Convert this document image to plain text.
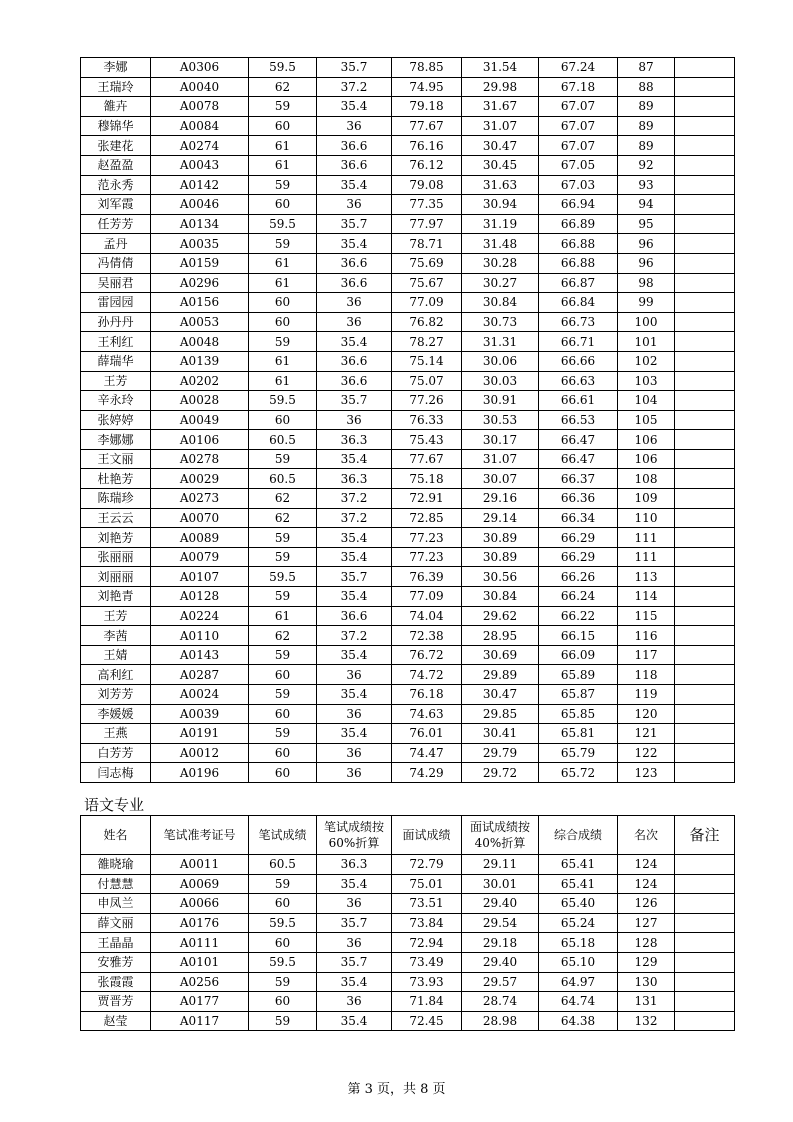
李娜	A0306	59.5	35.7	78.85	31.54	67.24	87	
王瑞玲	A0040	62	37.2	74.95	29.98	67.18	88	
雒卉	A0078	59	35.4	79.18	31.67	67.07	89	
穆锦华	A0084	60	36	77.67	31.07	67.07	89	
张建花	A0274	61	36.6	76.16	30.47	67.07	89	
赵盈盈	A0043	61	36.6	76.12	30.45	67.05	92	
范永秀	A0142	59	35.4	79.08	31.63	67.03	93	
刘军霞	A0046	60	36	77.35	30.94	66.94	94	
任芳芳	A0134	59.5	35.7	77.97	31.19	66.89	95	
孟丹	A0035	59	35.4	78.71	31.48	66.88	96	
冯倩倩	A0159	61	36.6	75.69	30.28	66.88	96	
吴丽君	A0296	61	36.6	75.67	30.27	66.87	98	
雷园园	A0156	60	36	77.09	30.84	66.84	99	
孙丹丹	A0053	60	36	76.82	30.73	66.73	100	
王利红	A0048	59	35.4	78.27	31.31	66.71	101	
薛瑞华	A0139	61	36.6	75.14	30.06	66.66	102	
王芳	A0202	61	36.6	75.07	30.03	66.63	103	
辛永玲	A0028	59.5	35.7	77.26	30.91	66.61	104	
张婷婷	A0049	60	36	76.33	30.53	66.53	105	
李娜娜	A0106	60.5	36.3	75.43	30.17	66.47	106	
王文丽	A0278	59	35.4	77.67	31.07	66.47	106	
杜艳芳	A0029	60.5	36.3	75.18	30.07	66.37	108	
陈瑞珍	A0273	62	37.2	72.91	29.16	66.36	109	
王云云	A0070	62	37.2	72.85	29.14	66.34	110	
刘艳芳	A0089	59	35.4	77.23	30.89	66.29	111	
张丽丽	A0079	59	35.4	77.23	30.89	66.29	111	
刘丽丽	A0107	59.5	35.7	76.39	30.56	66.26	113	
刘艳青	A0128	59	35.4	77.09	30.84	66.24	114	
王芳	A0224	61	36.6	74.04	29.62	66.22	115	
李茜	A0110	62	37.2	72.38	28.95	66.15	116	
王婧	A0143	59	35.4	76.72	30.69	66.09	117	
高利红	A0287	60	36	74.72	29.89	65.89	118	
刘芳芳	A0024	59	35.4	76.18	30.47	65.87	119	
李媛媛	A0039	60	36	74.63	29.85	65.85	120	
王燕	A0191	59	35.4	76.01	30.41	65.81	121	
白芳芳	A0012	60	36	74.47	29.79	65.79	122	
闫志梅	A0196	60	36	74.29	29.72	65.72	123	
语文专业
姓名	笔试准考证号	笔试成绩	笔试成绩按60%折算	面试成绩	面试成绩按40%折算	综合成绩	名次	备注
雒晓瑜	A0011	60.5	36.3	72.79	29.11	65.41	124	
付慧慧	A0069	59	35.4	75.01	30.01	65.41	124	
申凤兰	A0066	60	36	73.51	29.40	65.40	126	
薛文丽	A0176	59.5	35.7	73.84	29.54	65.24	127	
王晶晶	A0111	60	36	72.94	29.18	65.18	128	
安雅芳	A0101	59.5	35.7	73.49	29.40	65.10	129	
张霞霞	A0256	59	35.4	73.93	29.57	64.97	130	
贾晋芳	A0177	60	36	71.84	28.74	64.74	131	
赵莹	A0117	59	35.4	72.45	28.98	64.38	132	
第 3 页，共 8 页
